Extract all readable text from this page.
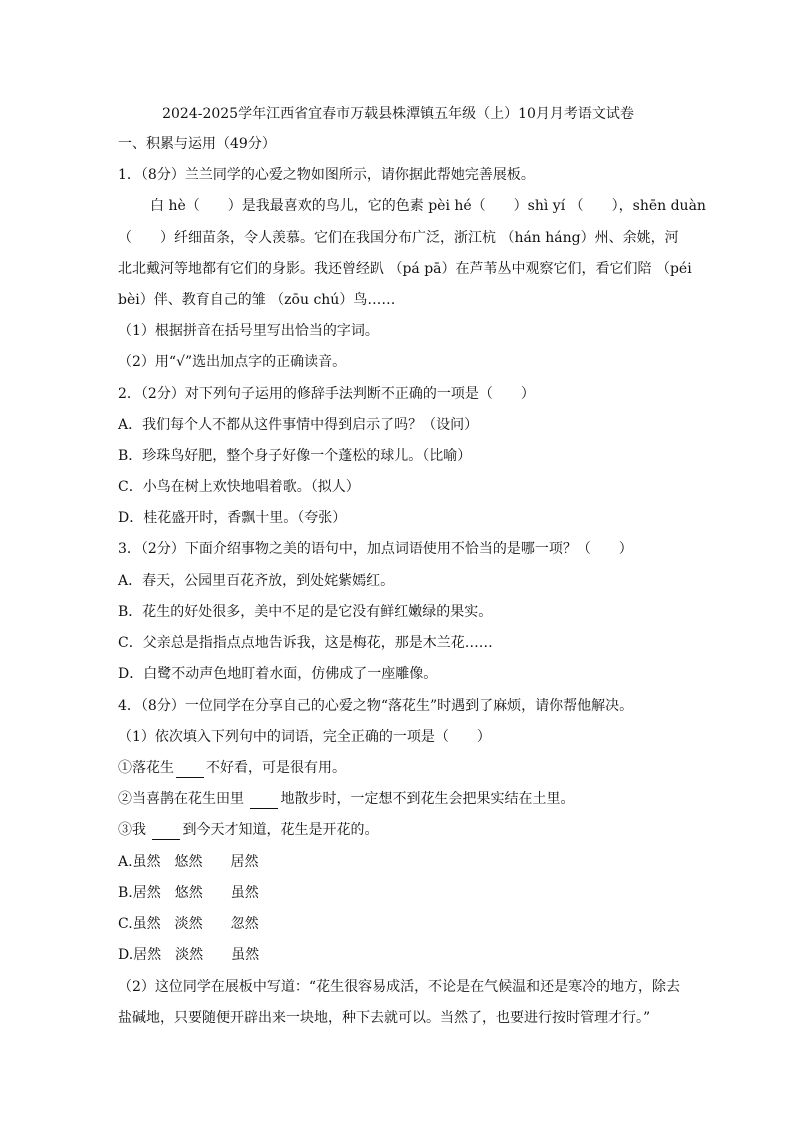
2024-2025学年江西省宜春市万载县株潭镇五年级（上）10月月考语文试卷
一、积累与运用（49分）
1．（8分）兰兰同学的心爱之物如图所示，请你据此帮她完善展板。
白 hè（　　）是我最喜欢的鸟儿，它的色素 pèi hé（　　）shì yí （　　），shēn duàn
（　　）纤细苗条，令人羡慕。它们在我国分布广泛，浙江杭 （hán háng）州、余姚，河
北北戴河等地都有它们的身影。我还曾经趴 （pá pā）在芦苇丛中观察它们，看它们陪 （péi
bèi）伴、教育自己的雏 （zōu chú）鸟……
（1）根据拼音在括号里写出恰当的字词。
（2）用“√”选出加点字的正确读音。
2．（2分）对下列句子运用的修辞手法判断不正确的一项是（　　）
A．我们每个人不都从这件事情中得到启示了吗？（设问）
B．珍珠鸟好肥，整个身子好像一个蓬松的球儿。（比喻）
C．小鸟在树上欢快地唱着歌。（拟人）
D．桂花盛开时，香飘十里。（夸张）
3．（2分）下面介绍事物之美的语句中，加点词语使用不恰当的是哪一项？（　　）
A．春天，公园里百花齐放，到处姹紫嫣红。
B．花生的好处很多，美中不足的是它没有鲜红嫩绿的果实。
C．父亲总是指指点点地告诉我，这是梅花，那是木兰花……
D．白鹭不动声色地盯着水面，仿佛成了一座雕像。
4．（8分）一位同学在分享自己的心爱之物“落花生”时遇到了麻烦，请你帮他解决。
（1）依次填入下列句中的词语，完全正确的一项是（　　）
①落花生 不好看，可是很有用。
②当喜鹊在花生田里 地散步时，一定想不到花生会把果实结在土里。
③我 到今天才知道，花生是开花的。
A.虽然　悠然　　居然
B.居然　悠然　　虽然
C.虽然　淡然　　忽然
D.居然　淡然　　虽然
（2）这位同学在展板中写道：“花生很容易成活，不论是在气候温和还是寒冷的地方，除去
盐碱地，只要随便开辟出来一块地，种下去就可以。当然了，也要进行按时管理才行。”
